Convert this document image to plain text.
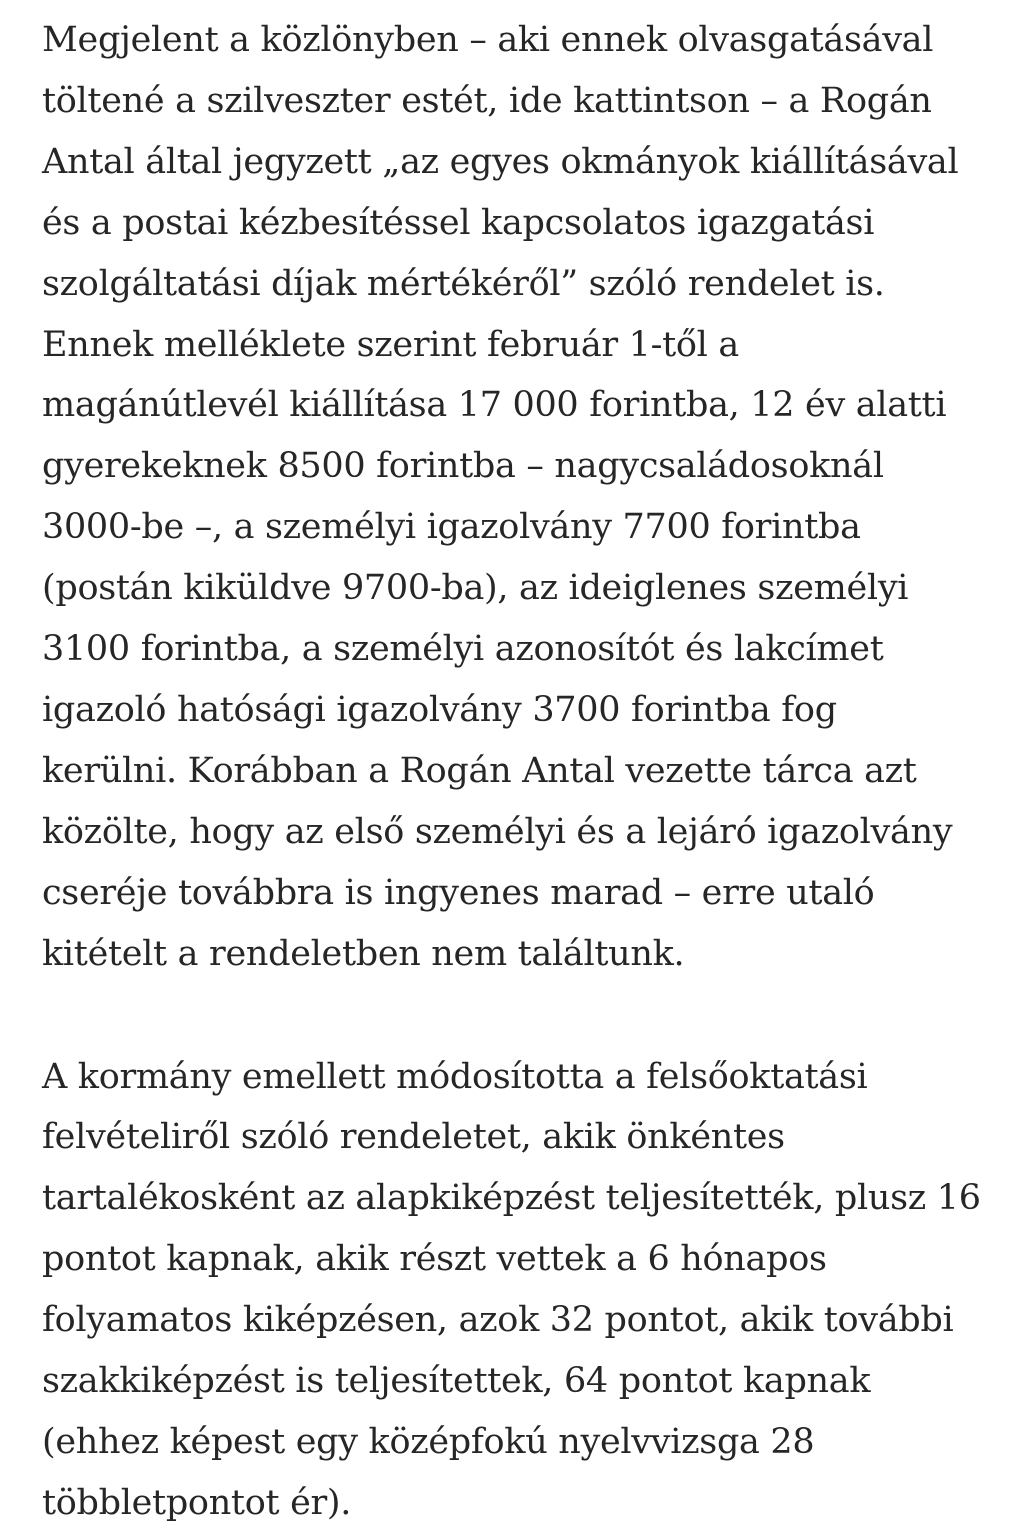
Megjelent a közlönyben – aki ennek olvasgatásával
töltené a szilveszter estét, ide kattintson – a Rogán
Antal által jegyzett „az egyes okmányok kiállításával
és a postai kézbesítéssel kapcsolatos igazgatási
szolgáltatási díjak mértékéről” szóló rendelet is.
Ennek melléklete szerint február 1-től a
magánútlevél kiállítása 17 000 forintba, 12 év alatti
gyerekeknek 8500 forintba – nagycsaládosoknál
3000-be –, a személyi igazolvány 7700 forintba
(postán kiküldve 9700-ba), az ideiglenes személyi
3100 forintba, a személyi azonosítót és lakcímet
igazoló hatósági igazolvány 3700 forintba fog
kerülni. Korábban a Rogán Antal vezette tárca azt
közölte, hogy az első személyi és a lejáró igazolvány
cseréje továbbra is ingyenes marad – erre utaló
kitételt a rendeletben nem találtunk.

A kormány emellett módosította a felsőoktatási
felvételiről szóló rendeletet, akik önkéntes
tartalékosként az alapkiképzést teljesítették, plusz 16
pontot kapnak, akik részt vettek a 6 hónapos
folyamatos kiképzésen, azok 32 pontot, akik további
szakkiképzést is teljesítettek, 64 pontot kapnak
(ehhez képest egy középfokú nyelvvizsga 28
többletpontot ér).
